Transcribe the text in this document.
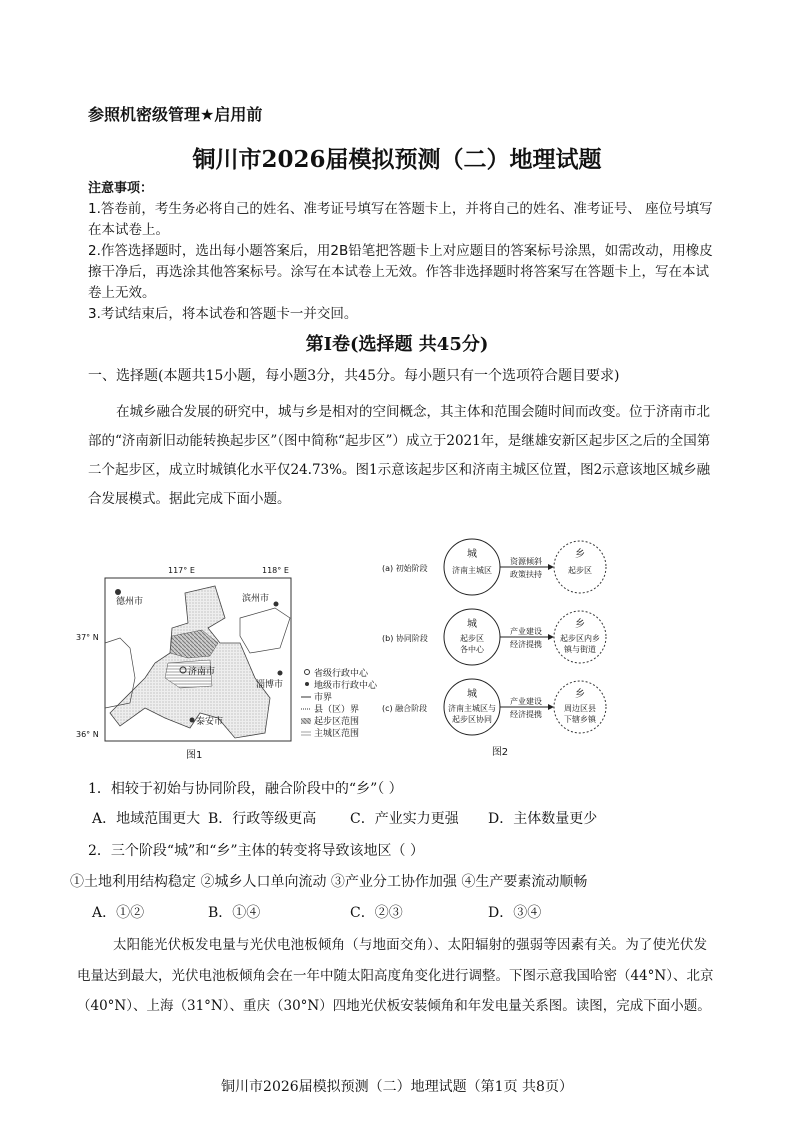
参照机密级管理★启用前
铜川市2026届模拟预测（二）地理试题
注意事项：
1.答卷前，考生务必将自己的姓名、准考证号填写在答题卡上，并将自己的姓名、准考证号、 座位号填写
在本试卷上。
2.作答选择题时，选出每小题答案后，用2B铅笔把答题卡上对应题目的答案标号涂黑，如需改动，用橡皮
擦干净后，再选涂其他答案标号。涂写在本试卷上无效。作答非选择题时将答案写在答题卡上，写在本试
卷上无效。
3.考试结束后，将本试卷和答题卡一并交回。
第Ⅰ卷(选择题 共45分)
一、选择题(本题共15小题，每小题3分，共45分。每小题只有一个选项符合题目要求)
在城乡融合发展的研究中，城与乡是相对的空间概念，其主体和范围会随时间而改变。位于济南市北
部的“济南新旧动能转换起步区”（图中简称“起步区”）成立于2021年，是继雄安新区起步区之后的全国第
二个起步区，成立时城镇化水平仅24.73%。图1示意该起步区和济南主城区位置，图2示意该地区城乡融
合发展模式。据此完成下面小题。
117° E	118° E
37° N
36° N
德州市	滨州市
济南市
淄博市
泰安市
省级行政中心
地级市行政中心
市界
县（区）界
起步区范围
主城区范围
图1
(a) 初始阶段
城	乡
济南主城区	起步区
资源倾斜
政策扶持
(b) 协同阶段
城	乡
起步区
各中心
起步区内乡
镇与街道
产业建设
经济提携
(c) 融合阶段
城	乡
济南主城区与
起步区协同
周边区县
下辖乡镇
产业建设
经济提携
图2
1．相较于初始与协同阶段，融合阶段中的“乡”（ ）
A．地域范围更大 B．行政等级更高 C．产业实力更强 D．主体数量更少
2．三个阶段“城”和“乡”主体的转变将导致该地区（ ）
①土地利用结构稳定 ②城乡人口单向流动 ③产业分工协作加强 ④生产要素流动顺畅
A．①②	B．①④	C．②③	D．③④
太阳能光伏板发电量与光伏电池板倾角（与地面交角）、太阳辐射的强弱等因素有关。为了使光伏发
电量达到最大，光伏电池板倾角会在一年中随太阳高度角变化进行调整。下图示意我国哈密（44°N）、北京
（40°N）、上海（31°N）、重庆（30°N）四地光伏板安装倾角和年发电量关系图。读图，完成下面小题。
铜川市2026届模拟预测（二）地理试题（第1页 共8页）
